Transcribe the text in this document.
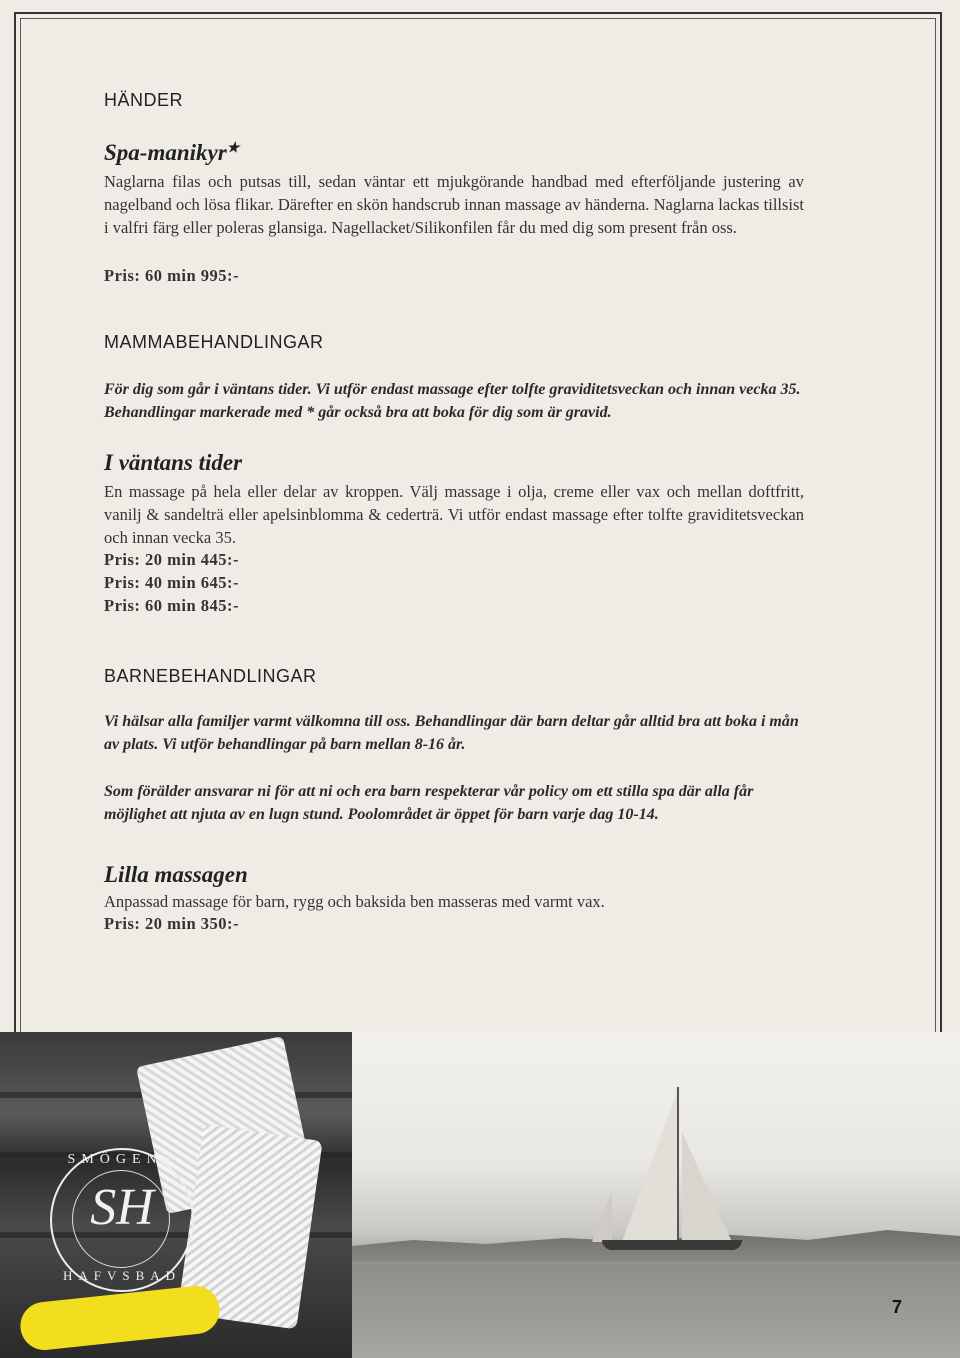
HÄNDER
Spa-manikyr★

Naglarna filas och putsas till, sedan väntar ett mjukgörande handbad med efterföljande justering av nagelband och lösa flikar. Därefter en skön handscrub innan massage av händerna. Naglarna lackas tillsist i valfri färg eller poleras glansiga. Nagellacket/Silikonfilen får du med dig som present från oss.

Pris: 60 min 995:-

MAMMABEHANDLINGAR

För dig som går i väntans tider. Vi utför endast massage efter tolfte graviditetsveckan och innan vecka 35. Behandlingar markerade med * går också bra att boka för dig som är gravid.

I väntans tider

En massage på hela eller delar av kroppen. Välj massage i olja, creme eller vax och mellan doftfritt, vanilj & sandelträ eller apelsinblomma & cederträ. Vi utför endast massage efter tolfte graviditetsveckan och innan vecka 35.

Pris: 20 min 445:-

Pris: 40 min 645:-

Pris: 60 min 845:-

BARNEBEHANDLINGAR

Vi hälsar alla familjer varmt välkomna till oss. Behandlingar där barn deltar går alltid bra att boka i mån av plats. Vi utför behandlingar på barn mellan 8-16 år.

Som förälder ansvarar ni för att ni och era barn respekterar vår policy om ett stilla spa där alla får möjlighet att njuta av en lugn stund. Poolområdet är öppet för barn varje dag 10-14.

Lilla massagen

Anpassad massage för barn, rygg och baksida ben masseras med varmt vax.

Pris: 20 min 350:-

SMÖGENS
SH
HAFVSBAD
7
